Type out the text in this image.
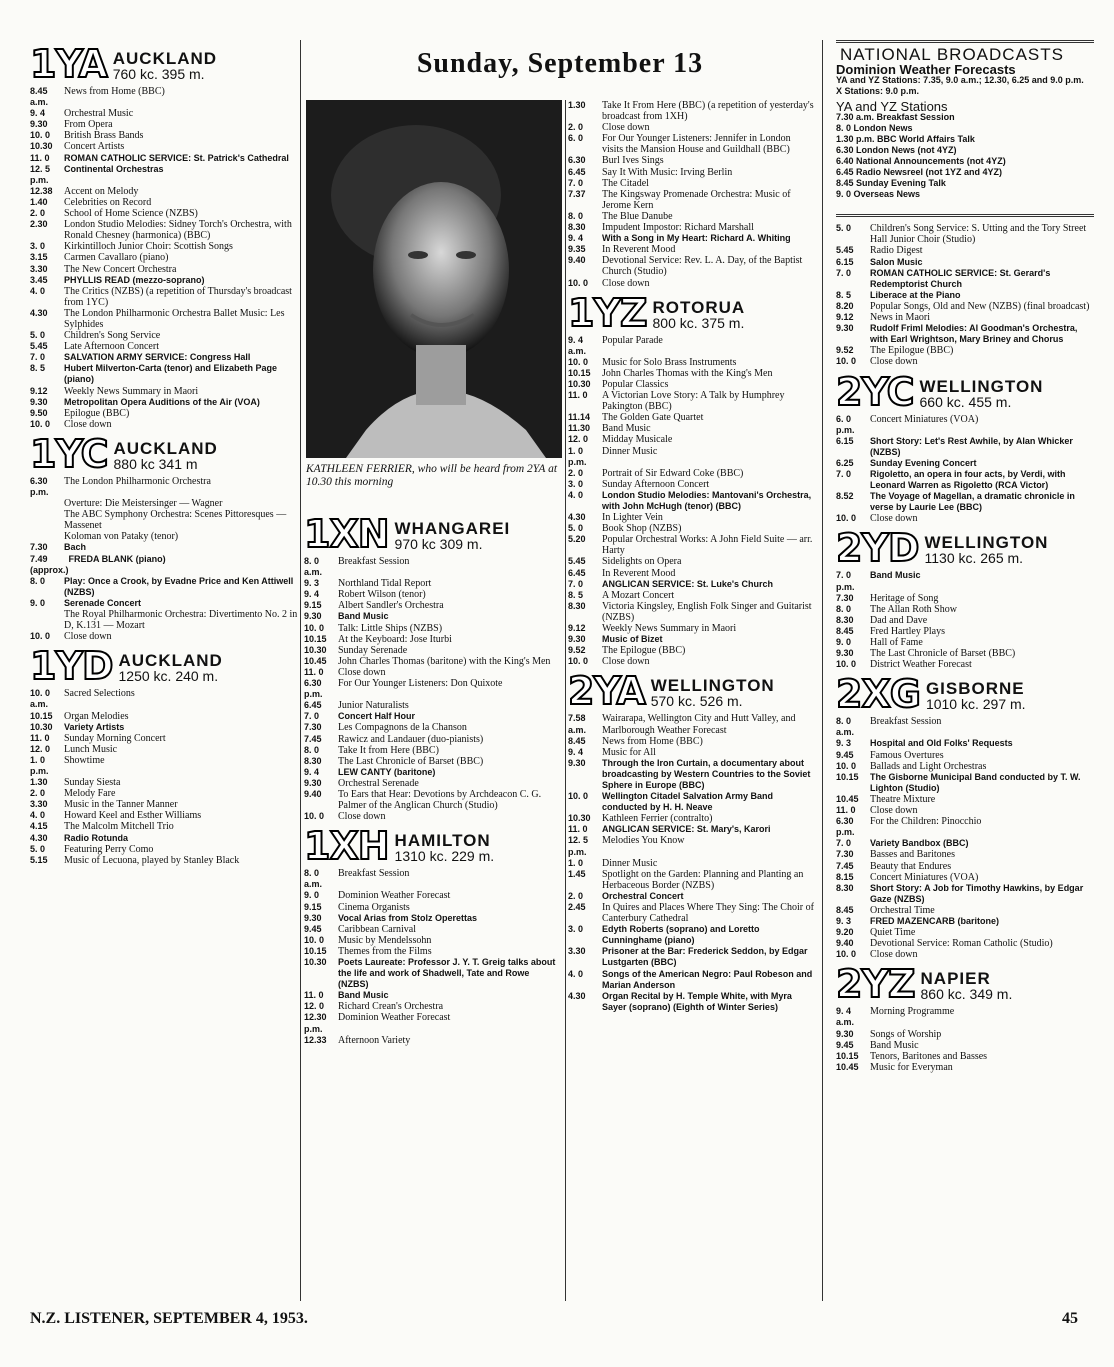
Sunday, September 13
KATHLEEN FERRIER, who will be heard from 2YA at 10.30 this morning
1YA AUCKLAND
760 kc. 395 m.
8.45 a.m.
News from Home (BBC)
9. 4	Orchestral Music
9.30	From Opera
10. 0	British Brass Bands
10.30	Concert Artists
11. 0	ROMAN CATHOLIC SERVICE: St. Patrick's Cathedral
12. 5 p.m.
Continental Orchestras
12.38	Accent on Melody
1.40	Celebrities on Record
2. 0	School of Home Science (NZBS)
2.30	London Studio Melodies: Sidney Torch's Orchestra, with Ronald Chesney (harmonica) (BBC)
3. 0	Kirkintilloch Junior Choir: Scottish Songs
3.15	Carmen Cavallaro (piano)
3.30	The New Concert Orchestra
3.45	PHYLLIS READ (mezzo-soprano)
4. 0	The Critics (NZBS) (a repetition of Thursday's broadcast from 1YC)
4.30	The London Philharmonic Orchestra Ballet Music: Les Sylphides
5. 0	Children's Song Service
5.45	Late Afternoon Concert
7. 0	SALVATION ARMY SERVICE: Congress Hall
8. 5	Hubert Milverton-Carta (tenor) and Elizabeth Page (piano)
9.12	Weekly News Summary in Maori
9.30	Metropolitan Opera Auditions of the Air (VOA)
9.50	Epilogue (BBC)
10. 0	Close down
1YC AUCKLAND
880 kc 341 m
6.30 p.m.
The London Philharmonic Orchestra
Overture: Die Meistersinger — Wagner
The ABC Symphony Orchestra: Scenes Pittoresques — Massenet
Koloman von Pataky (tenor)
7.30	Bach
7.49 (approx.)
FREDA BLANK (piano)
8. 0	Play: Once a Crook, by Evadne Price and Ken Attiwell (NZBS)
9. 0	Serenade Concert
The Royal Philharmonic Orchestra: Divertimento No. 2 in D, K.131 — Mozart
10. 0	Close down
1YD AUCKLAND
1250 kc. 240 m.
10. 0 a.m.
Sacred Selections
10.15	Organ Melodies
10.30	Variety Artists
11. 0	Sunday Morning Concert
12. 0	Lunch Music
1. 0 p.m.
Showtime
1.30	Sunday Siesta
2. 0	Melody Fare
3.30	Music in the Tanner Manner
4. 0	Howard Keel and Esther Williams
4.15	The Malcolm Mitchell Trio
4.30	Radio Rotunda
5. 0	Featuring Perry Como
5.15	Music of Lecuona, played by Stanley Black
1XN WHANGAREI
970 kc 309 m.
8. 0 a.m.
Breakfast Session
9. 3	Northland Tidal Report
9. 4	Robert Wilson (tenor)
9.15	Albert Sandler's Orchestra
9.30	Band Music
10. 0	Talk: Little Ships (NZBS)
10.15	At the Keyboard: Jose Iturbi
10.30	Sunday Serenade
10.45	John Charles Thomas (baritone) with the King's Men
11. 0	Close down
6.30 p.m.
For Our Younger Listeners: Don Quixote
6.45	Junior Naturalists
7. 0	Concert Half Hour
7.30	Les Compagnons de la Chanson
7.45	Rawicz and Landauer (duo-pianists)
8. 0	Take It from Here (BBC)
8.30	The Last Chronicle of Barset (BBC)
9. 4	LEW CANTY (baritone)
9.30	Orchestral Serenade
9.40	To Ears that Hear: Devotions by Archdeacon C. G. Palmer of the Anglican Church (Studio)
10. 0	Close down
1XH HAMILTON
1310 kc. 229 m.
8. 0 a.m.
Breakfast Session
9. 0	Dominion Weather Forecast
9.15	Cinema Organists
9.30	Vocal Arias from Stolz Operettas
9.45	Caribbean Carnival
10. 0	Music by Mendelssohn
10.15	Themes from the Films
10.30	Poets Laureate: Professor J. Y. T. Greig talks about the life and work of Shadwell, Tate and Rowe (NZBS)
11. 0	Band Music
12. 0	Richard Crean's Orchestra
12.30 p.m.
Dominion Weather Forecast
12.33	Afternoon Variety
1.30	Take It From Here (BBC) (a repetition of yesterday's broadcast from 1XH)
2. 0	Close down
6. 0	For Our Younger Listeners: Jennifer in London visits the Mansion House and Guildhall (BBC)
6.30	Burl Ives Sings
6.45	Say It With Music: Irving Berlin
7. 0	The Citadel
7.37	The Kingsway Promenade Orchestra: Music of Jerome Kern
8. 0	The Blue Danube
8.30	Impudent Impostor: Richard Marshall
9. 4	With a Song in My Heart: Richard A. Whiting
9.35	In Reverent Mood
9.40	Devotional Service: Rev. L. A. Day, of the Baptist Church (Studio)
10. 0	Close down
1YZ ROTORUA
800 kc. 375 m.
9. 4 a.m.
Popular Parade
10. 0	Music for Solo Brass Instruments
10.15	John Charles Thomas with the King's Men
10.30	Popular Classics
11. 0	A Victorian Love Story: A Talk by Humphrey Pakington (BBC)
11.14	The Golden Gate Quartet
11.30	Band Music
12. 0	Midday Musicale
1. 0 p.m.
Dinner Music
2. 0	Portrait of Sir Edward Coke (BBC)
3. 0	Sunday Afternoon Concert
4. 0	London Studio Melodies: Mantovani's Orchestra, with John McHugh (tenor) (BBC)
4.30	In Lighter Vein
5. 0	Book Shop (NZBS)
5.20	Popular Orchestral Works: A John Field Suite — arr. Harty
5.45	Sidelights on Opera
6.45	In Reverent Mood
7. 0	ANGLICAN SERVICE: St. Luke's Church
8. 5	A Mozart Concert
8.30	Victoria Kingsley, English Folk Singer and Guitarist (NZBS)
9.12	Weekly News Summary in Maori
9.30	Music of Bizet
9.52	The Epilogue (BBC)
10. 0	Close down
2YA WELLINGTON
570 kc. 526 m.
7.58 a.m.
Wairarapa, Wellington City and Hutt Valley, and Marlborough Weather Forecast
8.45	News from Home (BBC)
9. 4	Music for All
9.30	Through the Iron Curtain, a documentary about broadcasting by Western Countries to the Soviet Sphere in Europe (BBC)
10. 0	Wellington Citadel Salvation Army Band conducted by H. H. Neave
10.30	Kathleen Ferrier (contralto)
11. 0	ANGLICAN SERVICE: St. Mary's, Karori
12. 5 p.m.
Melodies You Know
1. 0	Dinner Music
1.45	Spotlight on the Garden: Planning and Planting an Herbaceous Border (NZBS)
2. 0	Orchestral Concert
2.45	In Quires and Places Where They Sing: The Choir of Canterbury Cathedral
3. 0	Edyth Roberts (soprano) and Loretto Cunninghame (piano)
3.30	Prisoner at the Bar: Frederick Seddon, by Edgar Lustgarten (BBC)
4. 0	Songs of the American Negro: Paul Robeson and Marian Anderson
4.30	Organ Recital by H. Temple White, with Myra Sayer (soprano) (Eighth of Winter Series)
NATIONAL BROADCASTS
Dominion Weather Forecasts
YA and YZ Stations: 7.35, 9.0 a.m.; 12.30, 6.25 and 9.0 p.m.
X Stations: 9.0 p.m.
YA and YZ Stations
7.30 a.m. Breakfast Session
8. 0 London News
1.30 p.m. BBC World Affairs Talk
6.30 London News (not 4YZ)
6.40 National Announcements (not 4YZ)
6.45 Radio Newsreel (not 1YZ and 4YZ)
8.45 Sunday Evening Talk
9. 0 Overseas News
5. 0	Children's Song Service: S. Utting and the Tory Street Hall Junior Choir (Studio)
5.45	Radio Digest
6.15	Salon Music
7. 0	ROMAN CATHOLIC SERVICE: St. Gerard's Redemptorist Church
8. 5	Liberace at the Piano
8.20	Popular Songs, Old and New (NZBS) (final broadcast)
9.12	News in Maori
9.30	Rudolf Friml Melodies: Al Goodman's Orchestra, with Earl Wrightson, Mary Briney and Chorus
9.52	The Epilogue (BBC)
10. 0	Close down
2YC WELLINGTON
660 kc. 455 m.
6. 0 p.m.
Concert Miniatures (VOA)
6.15	Short Story: Let's Rest Awhile, by Alan Whicker (NZBS)
6.25	Sunday Evening Concert
7. 0	Rigoletto, an opera in four acts, by Verdi, with Leonard Warren as Rigoletto (RCA Victor)
8.52	The Voyage of Magellan, a dramatic chronicle in verse by Laurie Lee (BBC)
10. 0	Close down
2YD WELLINGTON
1130 kc. 265 m.
7. 0 p.m.
Band Music
7.30	Heritage of Song
8. 0	The Allan Roth Show
8.30	Dad and Dave
8.45	Fred Hartley Plays
9. 0	Hall of Fame
9.30	The Last Chronicle of Barset (BBC)
10. 0	District Weather Forecast
2XG GISBORNE
1010 kc. 297 m.
8. 0 a.m.
Breakfast Session
9. 3	Hospital and Old Folks' Requests
9.45	Famous Overtures
10. 0	Ballads and Light Orchestras
10.15	The Gisborne Municipal Band conducted by T. W. Lighton (Studio)
10.45	Theatre Mixture
11. 0	Close down
6.30 p.m.
For the Children: Pinocchio
7. 0	Variety Bandbox (BBC)
7.30	Basses and Baritones
7.45	Beauty that Endures
8.15	Concert Miniatures (VOA)
8.30	Short Story: A Job for Timothy Hawkins, by Edgar Gaze (NZBS)
8.45	Orchestral Time
9. 3	FRED MAZENCARB (baritone)
9.20	Quiet Time
9.40	Devotional Service: Roman Catholic (Studio)
10. 0	Close down
2YZ NAPIER
860 kc. 349 m.
9. 4 a.m.
Morning Programme
9.30	Songs of Worship
9.45	Band Music
10.15	Tenors, Baritones and Basses
10.45	Music for Everyman
N.Z. LISTENER, SEPTEMBER 4, 1953.	45
